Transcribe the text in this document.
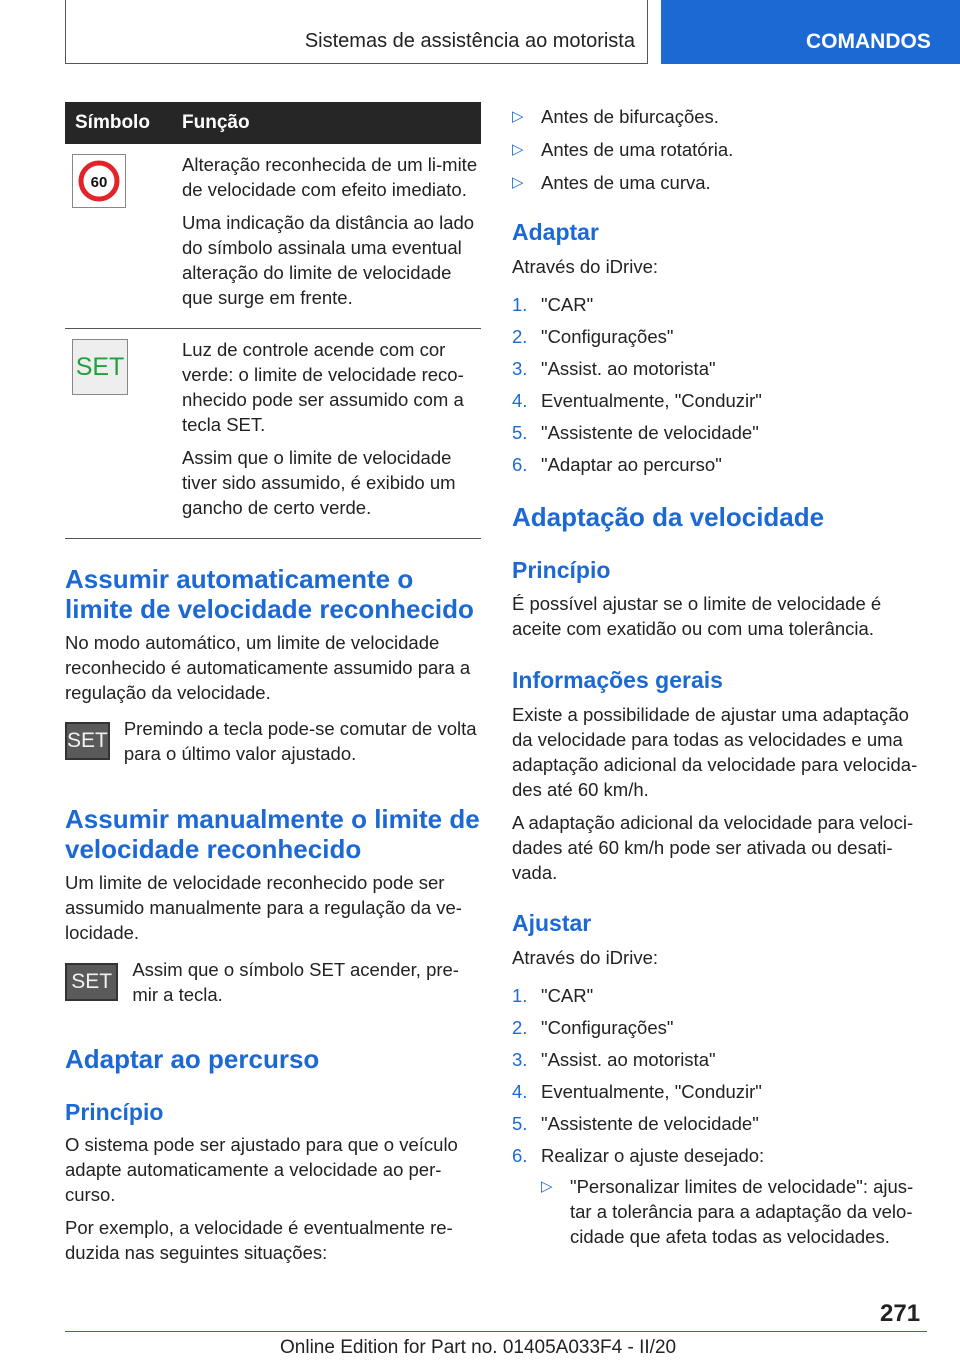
Sistemas de assistência ao motorista	COMANDOS
Símbolo	Função

60	Alteração reconhecida de um li-mite de velocidade com efeito imediato.

Uma indicação da distância ao lado do símbolo assinala uma eventual alteração do limite de velocidade que surge em frente.

SET	Luz de controle acende com cor verde: o limite de velocidade reco-nhecido pode ser assumido com a tecla SET.

Assim que o limite de velocidade tiver sido assumido, é exibido um gancho de certo verde.

Assumir automaticamente o limite de velocidade reconhecido

No modo automático, um limite de velocidade reconhecido é automaticamente assumido para a regulação da velocidade.

SET
Premindo a tecla pode-se comutar de volta para o último valor ajustado.
Assumir manualmente o limite de velocidade reconhecido

Um limite de velocidade reconhecido pode ser assumido manualmente para a regulação da ve-locidade.

SET
Assim que o símbolo SET acender, pre-mir a tecla.
Adaptar ao percurso
Princípio

O sistema pode ser ajustado para que o veículo adapte automaticamente a velocidade ao per-curso.

Por exemplo, a velocidade é eventualmente re-duzida nas seguintes situações:

▷ Antes de bifurcações.
▷ Antes de uma rotatória.
▷ Antes de uma curva.
Adaptar

Através do iDrive:

1. "CAR"
2. "Configurações"
3. "Assist. ao motorista"
4. Eventualmente, "Conduzir"
5. "Assistente de velocidade"
6. "Adaptar ao percurso"
Adaptação da velocidade
Princípio

É possível ajustar se o limite de velocidade é aceite com exatidão ou com uma tolerância.

Informações gerais

Existe a possibilidade de ajustar uma adaptação da velocidade para todas as velocidades e uma adaptação adicional da velocidade para velocida-des até 60 km/h.

A adaptação adicional da velocidade para veloci-dades até 60 km/h pode ser ativada ou desati-vada.

Ajustar

Através do iDrive:

1. "CAR"
2. "Configurações"
3. "Assist. ao motorista"
4. Eventualmente, "Conduzir"
5. "Assistente de velocidade"
6. Realizar o ajuste desejado:
▷ "Personalizar limites de velocidade": ajus-tar a tolerância para a adaptação da velo-cidade que afeta todas as velocidades.
271
Online Edition for Part no. 01405A033F4 - II/20
